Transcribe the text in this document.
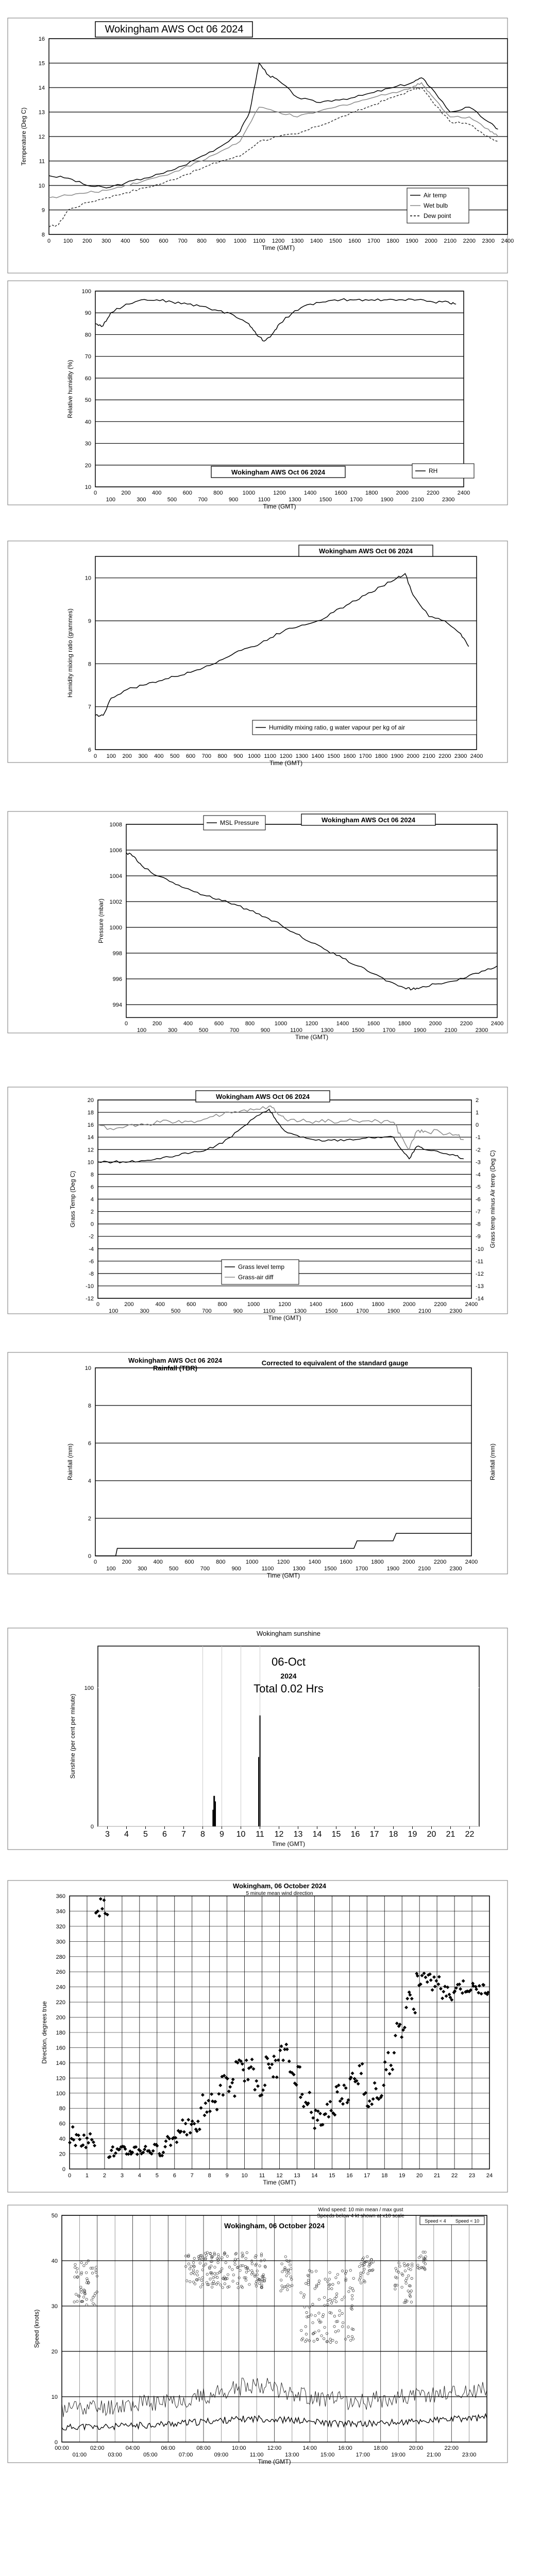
8
9
10
11
12
13
14
15
16
0 100 200 300 400 500 600 700 800 900 1000 1100 1200 1300 1400 1500 1600 1700 1800 1900 2000 2100 2200 2300 2400
Time (GMT)
Temperature (Deg C)
Wokingham AWS Oct 06 2024
Air temp
Wet bulb
Dew point
10
20
30
40
50
60
70
80
90
100
0	200	400	600	800	1000	1200	1400	1600	1800	2000	2200	2400
100	300	500	700	900	1100	1300	1500	1700	1900	2100	2300
Time (GMT)
Relative humidity (%)
Wokingham AWS Oct 06 2024	RH
6
7
8
9
10
0 100 200 300 400 500 600 700 800 900 1000 1100 1200 1300 1400 1500 1600 1700 1800 1900 2000 2100 2200 2300 2400
Time (GMT)
Humidity mixing ratio (grammes)
Wokingham AWS Oct 06 2024
Humidity mixing ratio, g water vapour per kg of air
994
996
998
1000
1002
1004
1006
1008
0	200	400	600	800	1000	1200	1400	1600	1800	2000	2200	2400
100	300	500	700	900	1100	1300	1500	1700	1900	2100	2300
Time (GMT)
Pressure (mbar)
Wokingham AWS Oct 06 2024
MSL Pressure
-12
-10
-8
-6
-4
-2
0
2
4
6
8
10
12
14
16
18
20
-14
-13
-12
-11
-10
-9
-8
-7
-6
-5
-4
-3
-2
-1
0
1
2
0	200	400	600	800	1000	1200	1400	1600	1800	2000	2200	2400
100	300	500	700	900	1100	1300	1500	1700	1900	2100	2300
Time (GMT)
Grass Temp (Deg C)	Grass temp minus Air temp (Deg C)
Wokingham AWS Oct 06 2024
Grass level temp
Grass-air diff
0
2
4
6
8
10
0	200	400	600	800	1000	1200	1400	1600	1800	2000	2200	2400
100	300	500	700	900	1100	1300	1500	1700	1900	2100	2300
Time (GMT)
Rainfall (mm)	Rainfall (mm)
Wokingham AWS Oct 06 2024
Rainfall (TBR)
Corrected to equivalent of the standard gauge
0
100
3 4 5 6 7 8 9 10 11 12 13 14 15 16 17 18 19 20 21 22
Time (GMT)
Sunshine (per cent per minute)
Wokingham sunshine
06-Oct
2024
Total 0.02 Hrs
0
20
40
60
80
100
120
140
160
180
200
220
240
260
280
300
320
340
360
0	1	2	3	4	5	6	7	8	9 10 11 12 13 14 15 16 17 18 19 20 21 22 23 24
Time (GMT)
Direction, degrees true
Wokingham, 06 October 2024
5 minute mean wind direction
0
10
20
30
40
50
00:00	02:00	04:00	06:00	08:00	10:00	12:00	14:00	16:00	18:00	20:00	22:00
01:00	03:00	05:00	07:00	09:00	11:00	13:00	15:00	17:00	19:00	21:00	23:00
Time (GMT)
Speed (knots)
Wind speed: 10 min mean / max gust
Speeds below 4 kt shown at x10 scale
Wokingham, 06 October 2024
Speed < 4 Speed < 10
